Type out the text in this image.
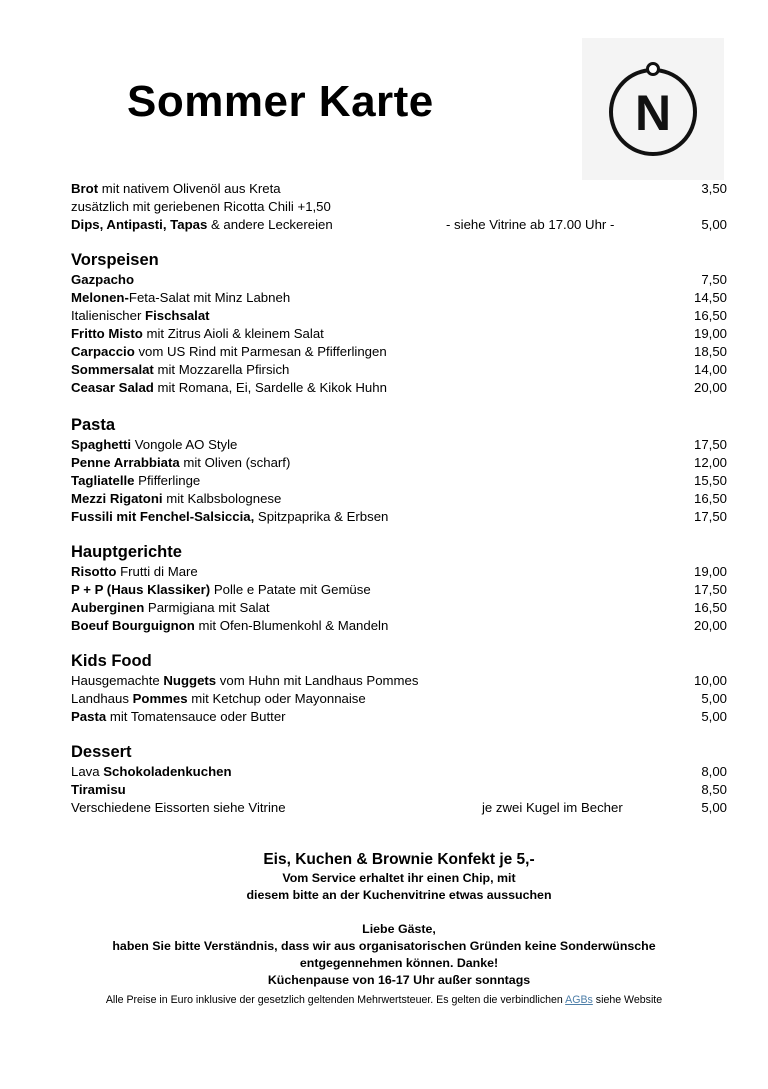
Sommer Karte	N
Brot mit nativem Olivenöl aus Kreta	3,50
zusätzlich mit geriebenen Ricotta Chili +1,50
Dips, Antipasti, Tapas & andere Leckereien	- siehe Vitrine ab 17.00 Uhr -	5,00
Vorspeisen
Gazpacho	7,50
Melonen-Feta-Salat mit Minz Labneh	14,50
Italienischer Fischsalat	16,50
Fritto Misto mit Zitrus Aioli & kleinem Salat	19,00
Carpaccio vom US Rind mit Parmesan & Pfifferlingen	18,50
Sommersalat mit Mozzarella Pfirsich	14,00
Ceasar Salad mit Romana, Ei, Sardelle & Kikok Huhn	20,00
Pasta
Spaghetti Vongole AO Style	17,50
Penne Arrabbiata mit Oliven (scharf)	12,00
Tagliatelle Pfifferlinge	15,50
Mezzi Rigatoni mit Kalbsbolognese	16,50
Fussili mit Fenchel-Salsiccia, Spitzpaprika & Erbsen	17,50
Hauptgerichte
Risotto Frutti di Mare	19,00
P + P (Haus Klassiker) Polle e Patate mit Gemüse	17,50
Auberginen Parmigiana mit Salat	16,50
Boeuf Bourguignon mit Ofen-Blumenkohl & Mandeln	20,00
Kids Food
Hausgemachte Nuggets vom Huhn mit Landhaus Pommes	10,00
Landhaus Pommes mit Ketchup oder Mayonnaise	5,00
Pasta mit Tomatensauce oder Butter	5,00
Dessert
Lava Schokoladenkuchen	8,00
Tiramisu	8,50
Verschiedene Eissorten siehe Vitrine	je zwei Kugel im Becher	5,00
Eis, Kuchen & Brownie Konfekt je 5,-
Vom Service erhaltet ihr einen Chip, mit
diesem bitte an der Kuchenvitrine etwas aussuchen
Liebe Gäste,
haben Sie bitte Verständnis, dass wir aus organisatorischen Gründen keine Sonderwünsche
entgegennehmen können. Danke!
Küchenpause von 16-17 Uhr außer sonntags
Alle Preise in Euro inklusive der gesetzlich geltenden Mehrwertsteuer. Es gelten die verbindlichen AGBs siehe Website
